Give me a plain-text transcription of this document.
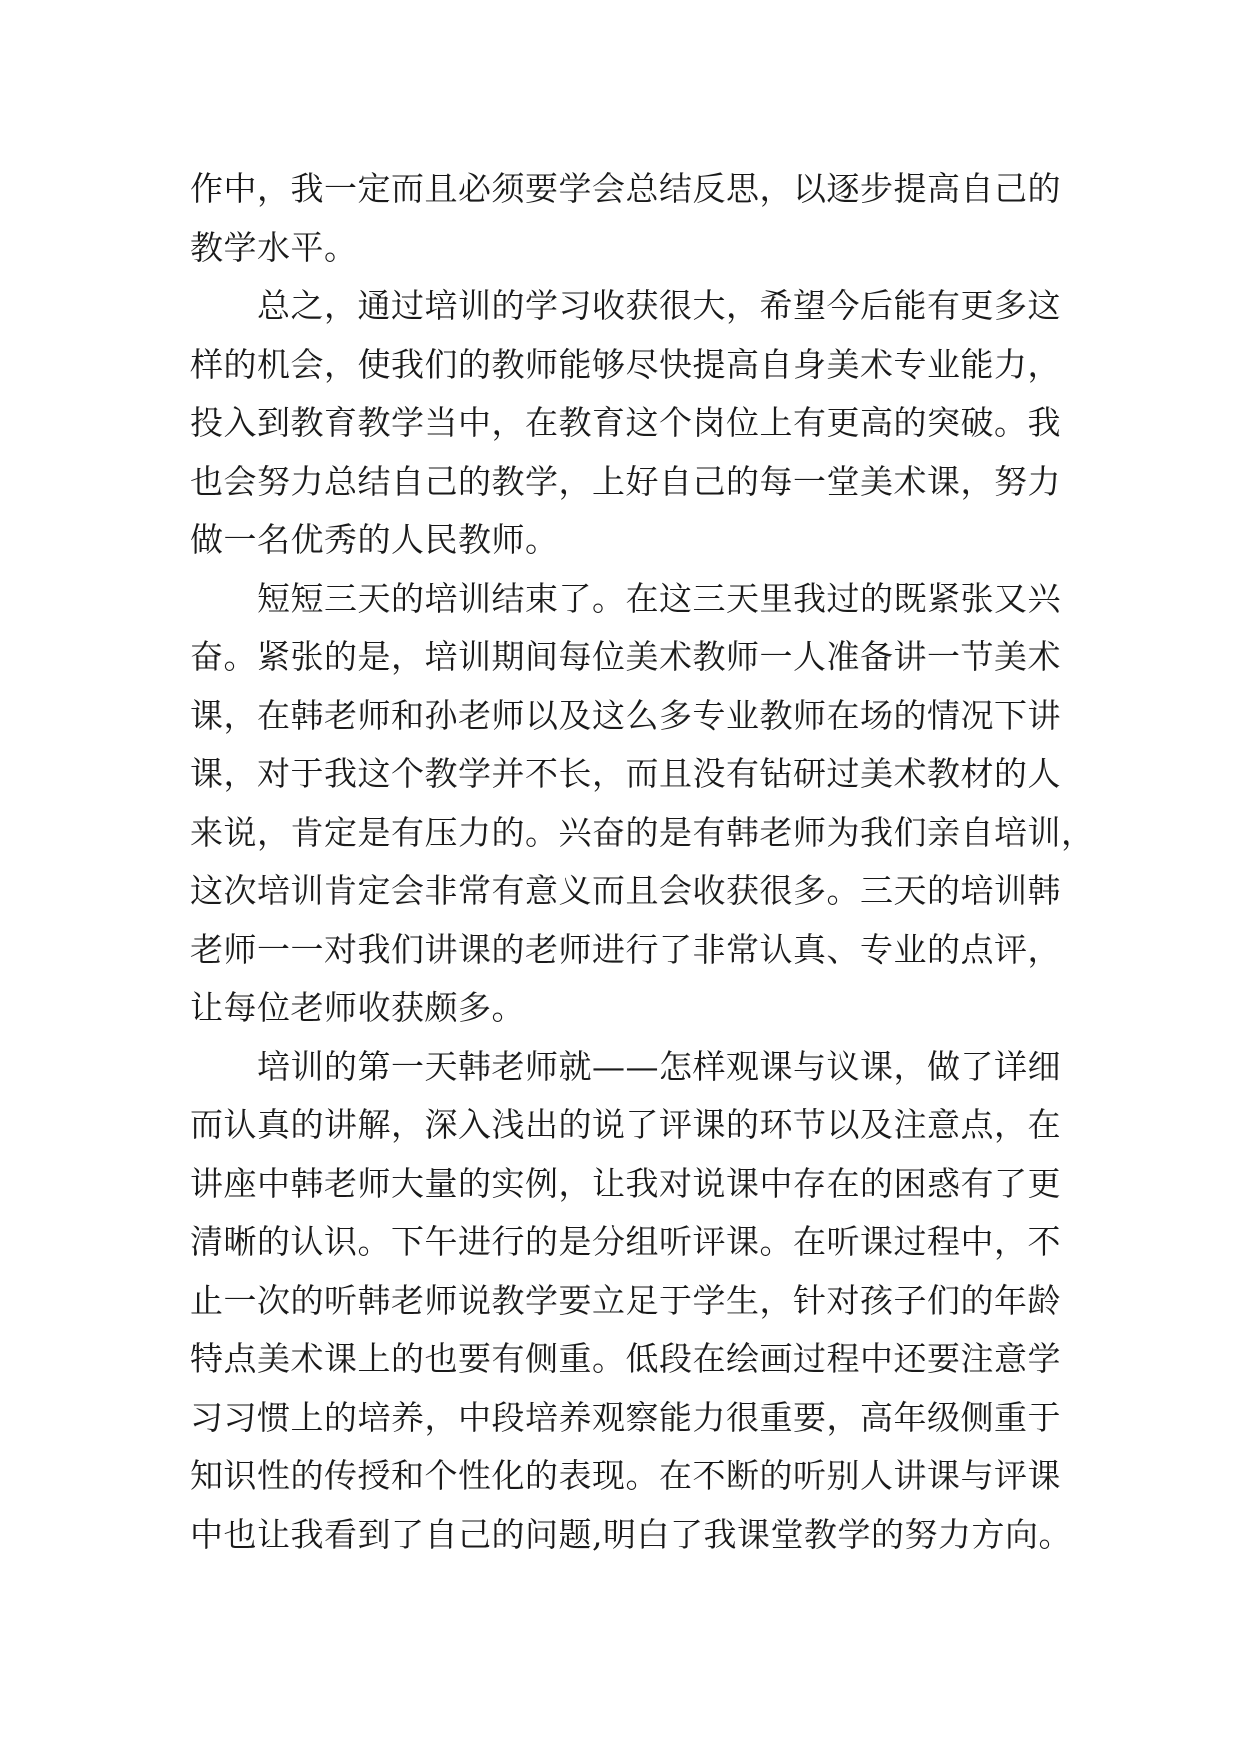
作中，我一定而且必须要学会总结反思，以逐步提高自己的
教学水平。
　　总之，通过培训的学习收获很大，希望今后能有更多这
样的机会，使我们的教师能够尽快提高自身美术专业能力，
投入到教育教学当中，在教育这个岗位上有更高的突破。我
也会努力总结自己的教学，上好自己的每一堂美术课，努力
做一名优秀的人民教师。
　　短短三天的培训结束了。在这三天里我过的既紧张又兴
奋。紧张的是，培训期间每位美术教师一人准备讲一节美术
课，在韩老师和孙老师以及这么多专业教师在场的情况下讲
课，对于我这个教学并不长，而且没有钻研过美术教材的人
来说，肯定是有压力的。兴奋的是有韩老师为我们亲自培训，
这次培训肯定会非常有意义而且会收获很多。三天的培训韩
老师一一对我们讲课的老师进行了非常认真、专业的点评，
让每位老师收获颇多。
　　培训的第一天韩老师就——怎样观课与议课，做了详细
而认真的讲解，深入浅出的说了评课的环节以及注意点，在
讲座中韩老师大量的实例，让我对说课中存在的困惑有了更
清晰的认识。下午进行的是分组听评课。在听课过程中，不
止一次的听韩老师说教学要立足于学生，针对孩子们的年龄
特点美术课上的也要有侧重。低段在绘画过程中还要注意学
习习惯上的培养，中段培养观察能力很重要，高年级侧重于
知识性的传授和个性化的表现。在不断的听别人讲课与评课
中也让我看到了自己的问题,明白了我课堂教学的努力方向。
